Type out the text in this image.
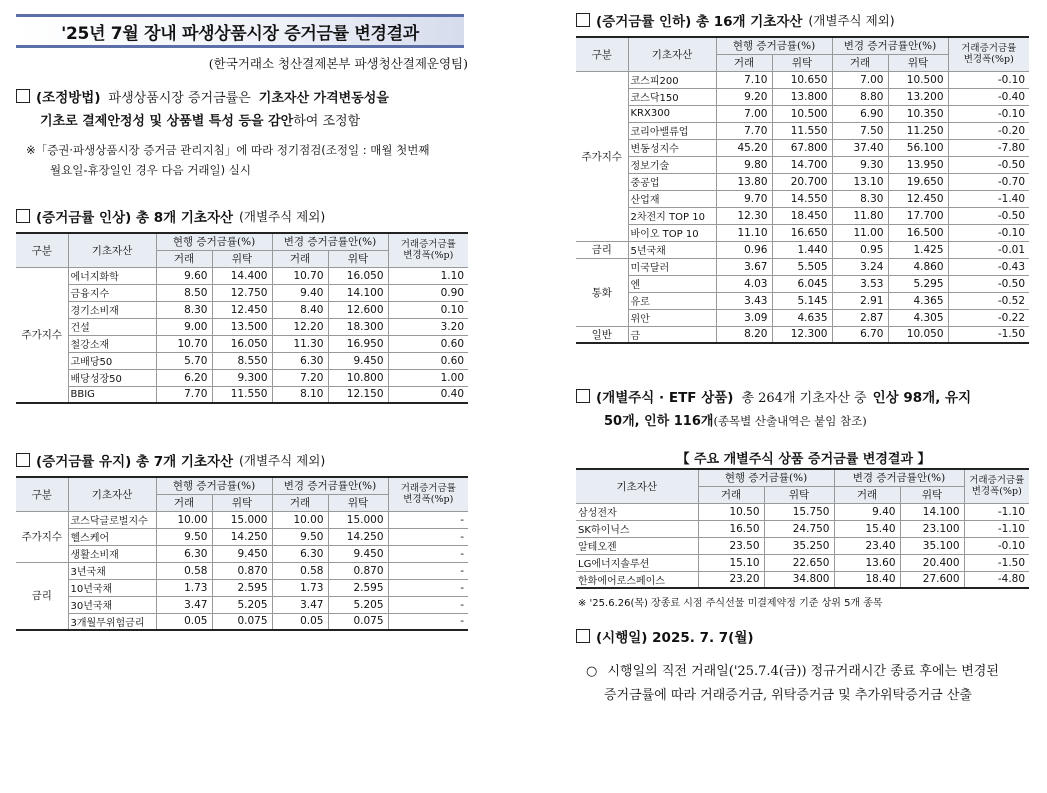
'25년 7월 장내 파생상품시장 증거금률 변경결과
(한국거래소 청산결제본부 파생청산결제운영팀)
(조정방법) 파생상품시장 증거금률은 기초자산 가격변동성을
기초로 결제안정성 및 상품별 특성 등을 감안하여 조정함
※「증권·파생상품시장 증거금 관리지침」에 따라 정기점검(조정일 : 매월 첫번째
월요일-휴장일인 경우 다음 거래일) 실시
(증거금률 인상) 총 8개 기초자산 (개별주식 제외)
구분	기초자산	현행 증거금률(%)		변경 증거금률안(%)		거래증거금률
변경폭(%p)

		거래	위탁	거래	위탁	
주가지수	에너지화학	9.60	14.400	10.70	16.050	1.10
	금융지수	8.50	12.750	9.40	14.100	0.90
	경기소비재	8.30	12.450	8.40	12.600	0.10
	건설	9.00	13.500	12.20	18.300	3.20
	철강소재	10.70	16.050	11.30	16.950	0.60
	고배당50	5.70	8.550	6.30	9.450	0.60
	배당성장50	6.20	9.300	7.20	10.800	1.00
	BBIG	7.70	11.550	8.10	12.150	0.40
(증거금률 유지) 총 7개 기초자산 (개별주식 제외)
구분	기초자산	현행 증거금률(%)		변경 증거금률안(%)		거래증거금률
변경폭(%p)

		거래	위탁	거래	위탁	
주가지수	코스닥글로벌지수	10.00	15.000	10.00	15.000	-
	헬스케어	9.50	14.250	9.50	14.250	-
	생활소비재	6.30	9.450	6.30	9.450	-
금리	3년국채	0.58	0.870	0.58	0.870	-
	10년국채	1.73	2.595	1.73	2.595	-
	30년국채	3.47	5.205	3.47	5.205	-
	3개월무위험금리	0.05	0.075	0.05	0.075	-
(증거금률 인하) 총 16개 기초자산 (개별주식 제외)
구분	기초자산	현행 증거금률(%)		변경 증거금률안(%)		거래증거금률
변경폭(%p)

		거래	위탁	거래	위탁	
주가지수	코스피200	7.10	10.650	7.00	10.500	-0.10
	코스닥150	9.20	13.800	8.80	13.200	-0.40
	KRX300	7.00	10.500	6.90	10.350	-0.10
	코리아밸류업	7.70	11.550	7.50	11.250	-0.20
	변동성지수	45.20	67.800	37.40	56.100	-7.80
	정보기술	9.80	14.700	9.30	13.950	-0.50
	중공업	13.80	20.700	13.10	19.650	-0.70
	산업재	9.70	14.550	8.30	12.450	-1.40
	2차전지 TOP 10	12.30	18.450	11.80	17.700	-0.50
	바이오 TOP 10	11.10	16.650	11.00	16.500	-0.10
금리	5년국채	0.96	1.440	0.95	1.425	-0.01
통화	미국달러	3.67	5.505	3.24	4.860	-0.43
	엔	4.03	6.045	3.53	5.295	-0.50
	유로	3.43	5.145	2.91	4.365	-0.52
	위안	3.09	4.635	2.87	4.305	-0.22
일반	금	8.20	12.300	6.70	10.050	-1.50
(개별주식 · ETF 상품) 총 264개 기초자산 중 인상 98개, 유지
50개, 인하 116개(종목별 산출내역은 붙임 참조)
【 주요 개별주식 상품 증거금률 변경결과 】
기초자산	현행 증거금률(%)		변경 증거금률안(%)		거래증거금률
변경폭(%p)

	거래	위탁	거래	위탁	
삼성전자	10.50	15.750	9.40	14.100	-1.10
SK하이닉스	16.50	24.750	15.40	23.100	-1.10
알테오젠	23.50	35.250	23.40	35.100	-0.10
LG에너지솔루션	15.10	22.650	13.60	20.400	-1.50
한화에어로스페이스	23.20	34.800	18.40	27.600	-4.80
※ '25.6.26(목) 장종료 시점 주식선물 미결제약정 기준 상위 5개 종목
(시행일) 2025. 7. 7(월)
○ 시행일의 직전 거래일('25.7.4(금)) 정규거래시간 종료 후에는 변경된
증거금률에 따라 거래증거금, 위탁증거금 및 추가위탁증거금 산출
